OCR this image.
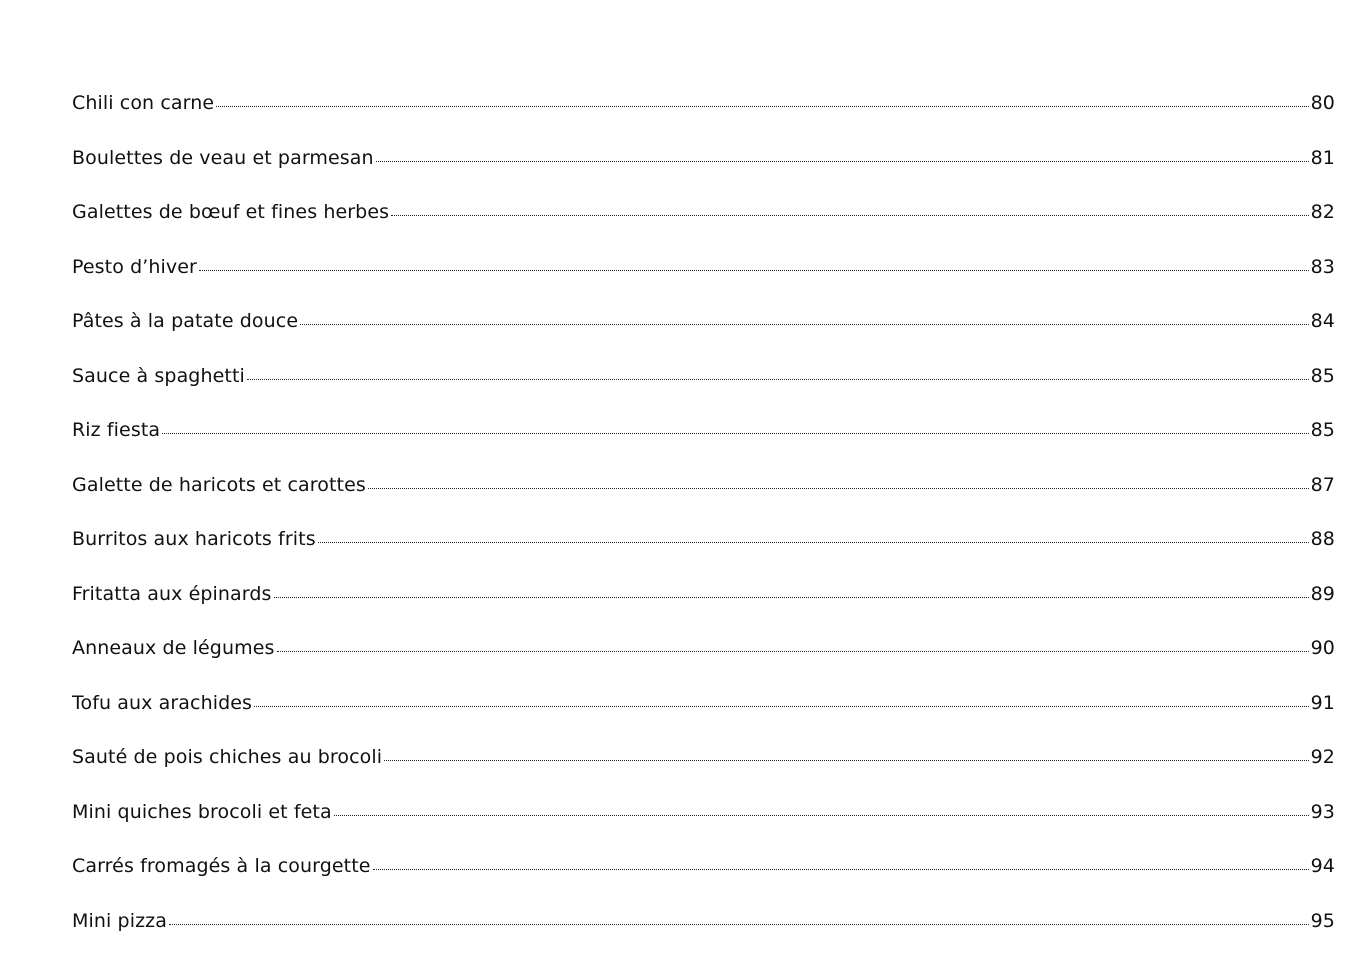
Chili con carne	80
Boulettes de veau et parmesan	81
Galettes de bœuf et fines herbes	82
Pesto d’hiver	83
Pâtes à la patate douce	84
Sauce à spaghetti	85
Riz fiesta	85
Galette de haricots et carottes	87
Burritos aux haricots frits	88
Fritatta aux épinards	89
Anneaux de légumes	90
Tofu aux arachides	91
Sauté de pois chiches au brocoli	92
Mini quiches brocoli et feta	93
Carrés fromagés à la courgette	94
Mini pizza	95
